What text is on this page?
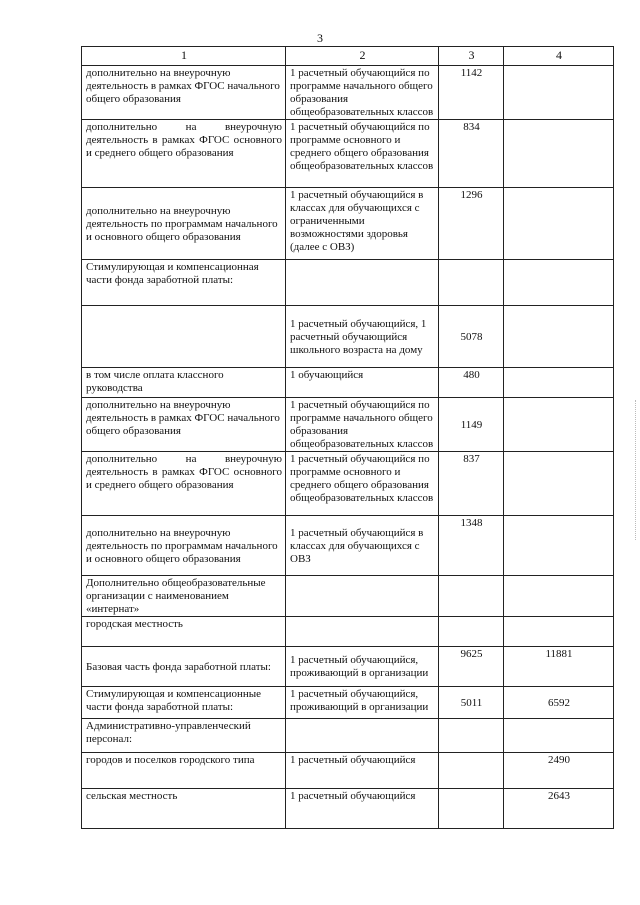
3
1	2	3	4
дополнительно на внеурочную деятельность в рамках ФГОС начального общего образования	1 расчетный обучающийся по программе начального общего образования общеобразовательных классов	1142	
дополнительно на внеурочную деятельность в рамках ФГОС основного и среднего общего образования	1 расчетный обучающийся по программе основного и среднего общего образования общеобразовательных классов	834	
дополнительно на внеурочную деятельность по программам начального и основного общего образования	1 расчетный обучающийся в классах для обучающихся с ограниченными возможностями здоровья (далее с ОВЗ)	1296	
Стимулирующая и компенсационная части фонда заработной платы:			
	1 расчетный обучающийся, 1 расчетный обучающийся школьного возраста на дому	5078	
в том числе оплата классного руководства	1 обучающийся	480	
дополнительно на внеурочную деятельность в рамках ФГОС начального общего образования	1 расчетный обучающийся по программе начального общего образования общеобразовательных классов	1149	
дополнительно на внеурочную деятельность в рамках ФГОС основного и среднего общего образования	1 расчетный обучающийся по программе основного и среднего общего образования общеобразовательных классов	837	
дополнительно на внеурочную деятельность по программам начального и основного общего образования	1 расчетный обучающийся в классах для обучающихся с ОВЗ	1348	
Дополнительно общеобразовательные организации с наименованием «интернат»			
городская местность			
Базовая часть фонда заработной платы:	1 расчетный обучающийся, проживающий в организации	9625	11881
Стимулирующая и компенсационные части фонда заработной платы:	1 расчетный обучающийся, проживающий в организации	5011	6592
Административно-управленческий персонал:			
городов и поселков городского типа	1 расчетный обучающийся		2490
сельская местность	1 расчетный обучающийся		2643
